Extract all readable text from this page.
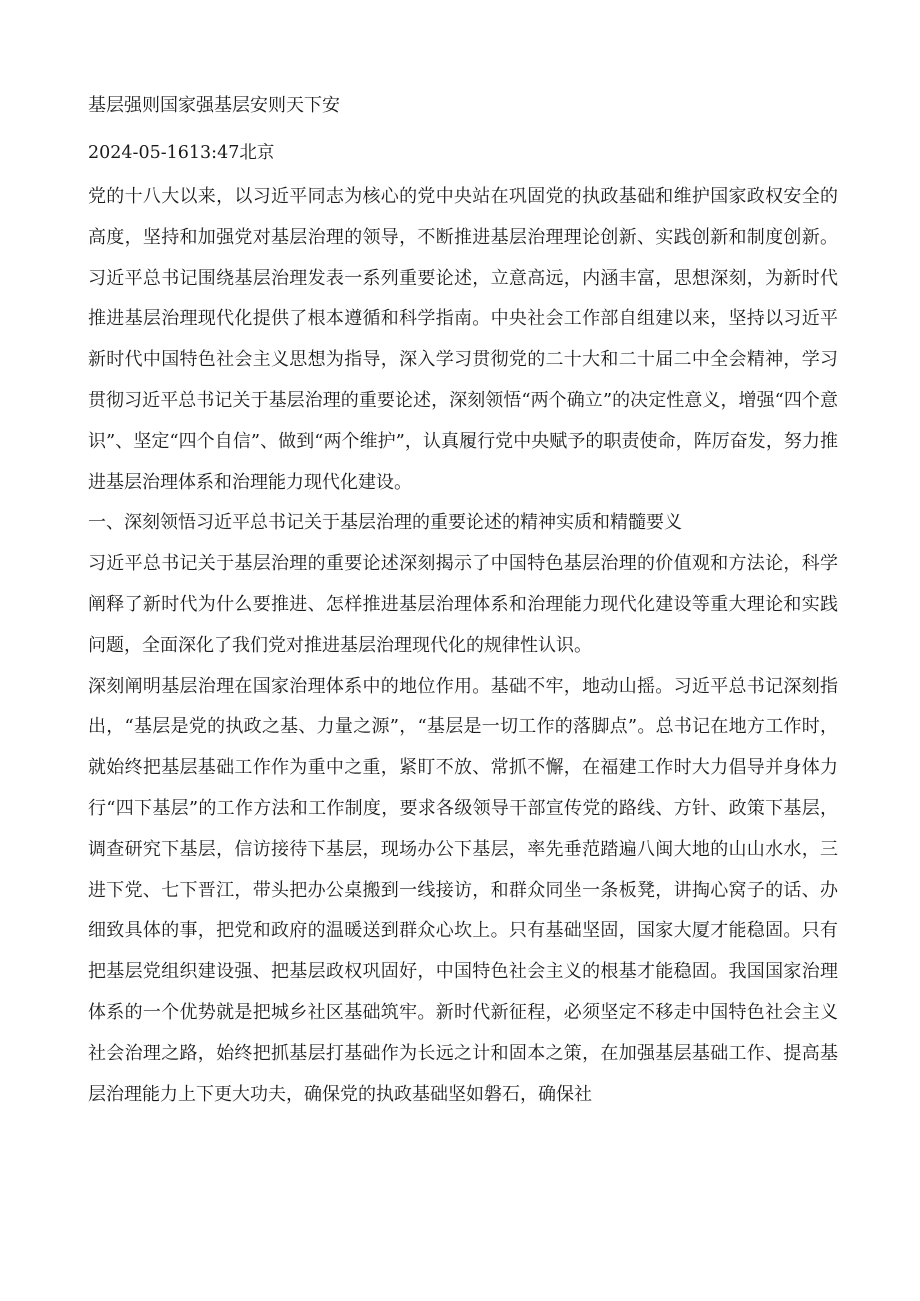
基层强则国家强基层安则天下安
2024-05-1613:47北京

党的十八大以来，以习近平同志为核心的党中央站在巩固党的执政基础和维护国家政权安全的高度，坚持和加强党对基层治理的领导，不断推进基层治理理论创新、实践创新和制度创新。习近平总书记围绕基层治理发表一系列重要论述，立意高远，内涵丰富，思想深刻，为新时代推进基层治理现代化提供了根本遵循和科学指南。中央社会工作部自组建以来，坚持以习近平新时代中国特色社会主义思想为指导，深入学习贯彻党的二十大和二十届二中全会精神，学习贯彻习近平总书记关于基层治理的重要论述，深刻领悟“两个确立”的决定性意义，增强“四个意识”、坚定“四个自信”、做到“两个维护”，认真履行党中央赋予的职责使命，阵厉奋发，努力推进基层治理体系和治理能力现代化建设。

一、深刻领悟习近平总书记关于基层治理的重要论述的精神实质和精髓要义

习近平总书记关于基层治理的重要论述深刻揭示了中国特色基层治理的价值观和方法论，科学阐释了新时代为什么要推进、怎样推进基层治理体系和治理能力现代化建设等重大理论和实践问题，全面深化了我们党对推进基层治理现代化的规律性认识。

深刻阐明基层治理在国家治理体系中的地位作用。基础不牢，地动山摇。习近平总书记深刻指出，“基层是党的执政之基、力量之源”，“基层是一切工作的落脚点”。总书记在地方工作时，就始终把基层基础工作作为重中之重，紧盯不放、常抓不懈，在福建工作时大力倡导并身体力行“四下基层”的工作方法和工作制度，要求各级领导干部宣传党的路线、方针、政策下基层，调查研究下基层，信访接待下基层，现场办公下基层，率先垂范踏遍八闽大地的山山水水，三进下党、七下晋江，带头把办公桌搬到一线接访，和群众同坐一条板凳，讲掏心窝子的话、办细致具体的事，把党和政府的温暖送到群众心坎上。只有基础坚固，国家大厦才能稳固。只有把基层党组织建设强、把基层政权巩固好，中国特色社会主义的根基才能稳固。我国国家治理体系的一个优势就是把城乡社区基础筑牢。新时代新征程，必须坚定不移走中国特色社会主义社会治理之路，始终把抓基层打基础作为长远之计和固本之策，在加强基层基础工作、提高基层治理能力上下更大功夫，确保党的执政基础坚如磐石，确保社
